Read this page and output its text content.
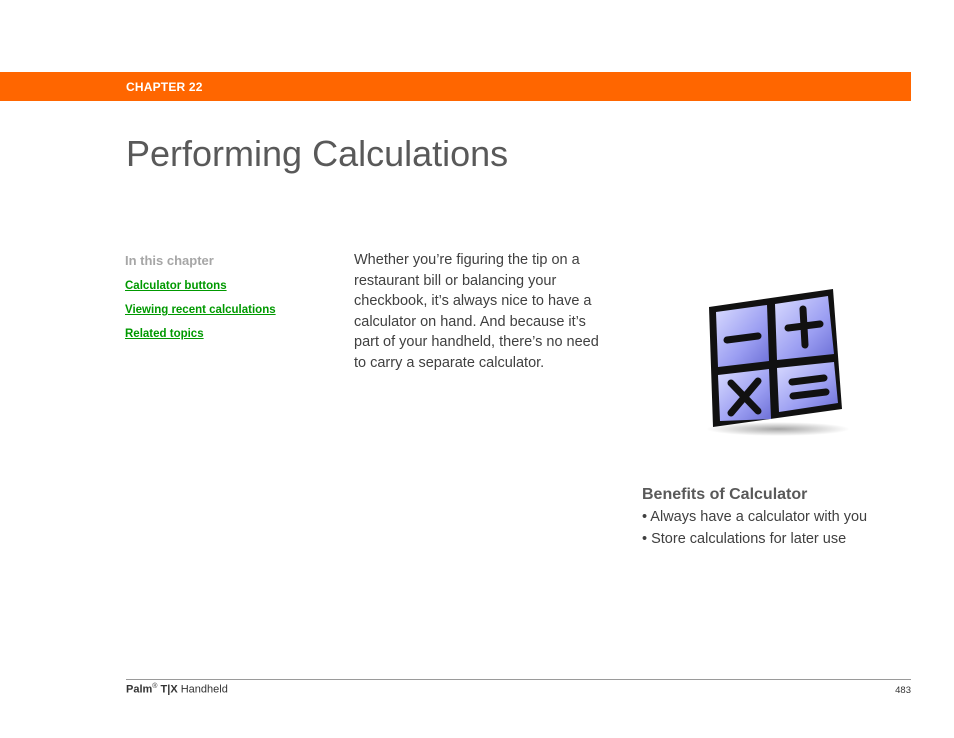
CHAPTER 22
Performing Calculations
In this chapter
Calculator buttons
Viewing recent calculations
Related topics

Whether you’re figuring the tip on a restaurant bill or balancing your checkbook, it’s always nice to have a calculator on hand. And because it’s part of your handheld, there’s no need to carry a separate calculator.

Benefits of Calculator
• Always have a calculator with you
• Store calculations for later use
Palm® T|X Handheld	483
